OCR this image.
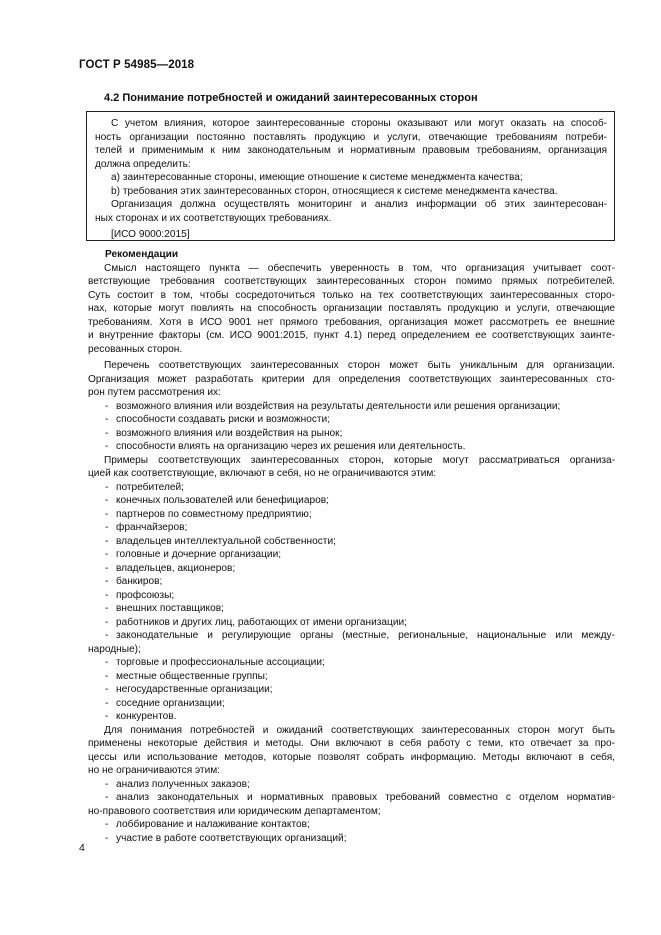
ГОСТ Р 54985—2018
4.2 Понимание потребностей и ожиданий заинтересованных сторон

С учетом влияния, которое заинтересованные стороны оказывают или могут оказать на способ-

ность организации постоянно поставлять продукцию и услуги, отвечающие требованиям потреби-

телей и применимым к ним законодательным и нормативным правовым требованиям, организация

должна определить:

а) заинтересованные стороны, имеющие отношение к системе менеджмента качества;

b) требования этих заинтересованных сторон, относящиеся к системе менеджмента качества.

Организация должна осуществлять мониторинг и анализ информации об этих заинтересован-

ных сторонах и их соответствующих требованиях.

[ИСО 9000:2015]

Рекомендации

Смысл настоящего пункта — обеспечить уверенность в том, что организация учитывает соот-

ветствующие требования соответствующих заинтересованных сторон помимо прямых потребителей.

Суть состоит в том, чтобы сосредоточиться только на тех соответствующих заинтересованных сторо-

нах, которые могут повлиять на способность организации поставлять продукцию и услуги, отвечающие

требованиям. Хотя в ИСО 9001 нет прямого требования, организация может рассмотреть ее внешние

и внутренние факторы (см. ИСО 9001:2015, пункт 4.1) перед определением ее соответствующих заинте-

ресованных сторон.

Перечень соответствующих заинтересованных сторон может быть уникальным для организации.

Организация может разработать критерии для определения соответствующих заинтересованных сто-

рон путем рассмотрения их:

- возможного влияния или воздействия на результаты деятельности или решения организации;

- способности создавать риски и возможности;

- возможного влияния или воздействия на рынок;

- способности влиять на организацию через их решения или деятельность.

Примеры соответствующих заинтересованных сторон, которые могут рассматриваться организа-

цией как соответствующие, включают в себя, но не ограничиваются этим:

- потребителей;

- конечных пользователей или бенефициаров;

- партнеров по совместному предприятию;

- франчайзеров;

- владельцев интеллектуальной собственности;

- головные и дочерние организации;

- владельцев, акционеров;

- банкиров;

- профсоюзы;

- внешних поставщиков;

- работников и других лиц, работающих от имени организации;

- законодательные и регулирующие органы (местные, региональные, национальные или между-

народные);

- торговые и профессиональные ассоциации;

- местные общественные группы;

- негосударственные организации;

- соседние организации;

- конкурентов.

Для понимания потребностей и ожиданий соответствующих заинтересованных сторон могут быть

применены некоторые действия и методы. Они включают в себя работу с теми, кто отвечает за про-

цессы или использование методов, которые позволят собрать информацию. Методы включают в себя,

но не ограничиваются этим:

- анализ полученных заказов;

- анализ законодательных и нормативных правовых требований совместно с отделом норматив-

но-правового соответствия или юридическим департаментом;

- лоббирование и налаживание контактов;

- участие в работе соответствующих организаций;

4
